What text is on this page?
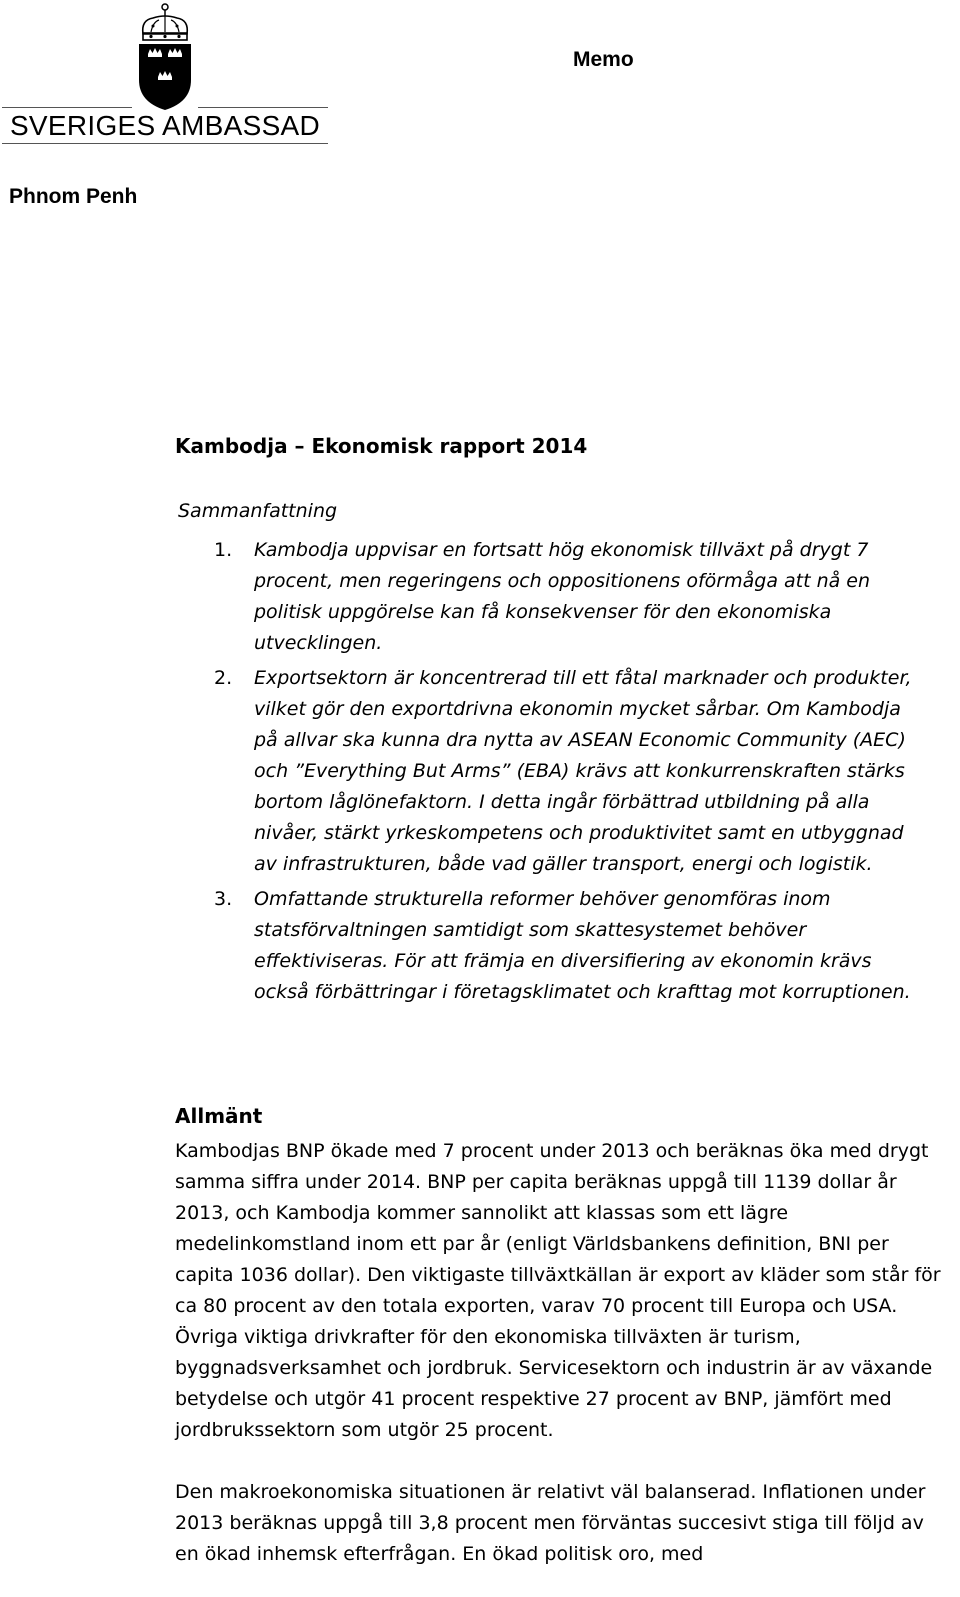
SVERIGES AMBASSAD
Memo
Phnom Penh
Kambodja – Ekonomisk rapport 2014
Sammanfattning
1. Kambodja uppvisar en fortsatt hög ekonomisk tillväxt på drygt 7 procent, men regeringens och oppositionens oförmåga att nå en politisk uppgörelse kan få konsekvenser för den ekonomiska utvecklingen.
2. Exportsektorn är koncentrerad till ett fåtal marknader och produkter, vilket gör den exportdrivna ekonomin mycket sårbar. Om Kambodja på allvar ska kunna dra nytta av ASEAN Economic Community (AEC) och ”Everything But Arms” (EBA) krävs att konkurrenskraften stärks bortom låglönefaktorn. I detta ingår förbättrad utbildning på alla nivåer, stärkt yrkeskompetens och produktivitet samt en utbyggnad av infrastrukturen, både vad gäller transport, energi och logistik.
3. Omfattande strukturella reformer behöver genomföras inom statsförvaltningen samtidigt som skattesystemet behöver effektiviseras. För att främja en diversifiering av ekonomin krävs också förbättringar i företagsklimatet och krafttag mot korruptionen.
Allmänt

Kambodjas BNP ökade med 7 procent under 2013 och beräknas öka med drygt samma siffra under 2014. BNP per capita beräknas uppgå till 1139 dollar år 2013, och Kambodja kommer sannolikt att klassas som ett lägre medelinkomstland inom ett par år (enligt Världsbankens definition, BNI per capita 1036 dollar). Den viktigaste tillväxtkällan är export av kläder som står för ca 80 procent av den totala exporten, varav 70 procent till Europa och USA. Övriga viktiga drivkrafter för den ekonomiska tillväxten är turism, byggnadsverksamhet och jordbruk. Servicesektorn och industrin är av växande betydelse och utgör 41 procent respektive 27 procent av BNP, jämfört med jordbrukssektorn som utgör 25 procent.

Den makroekonomiska situationen är relativt väl balanserad. Inflationen under 2013 beräknas uppgå till 3,8 procent men förväntas succesivt stiga till följd av en ökad inhemsk efterfrågan. En ökad politisk oro, med
